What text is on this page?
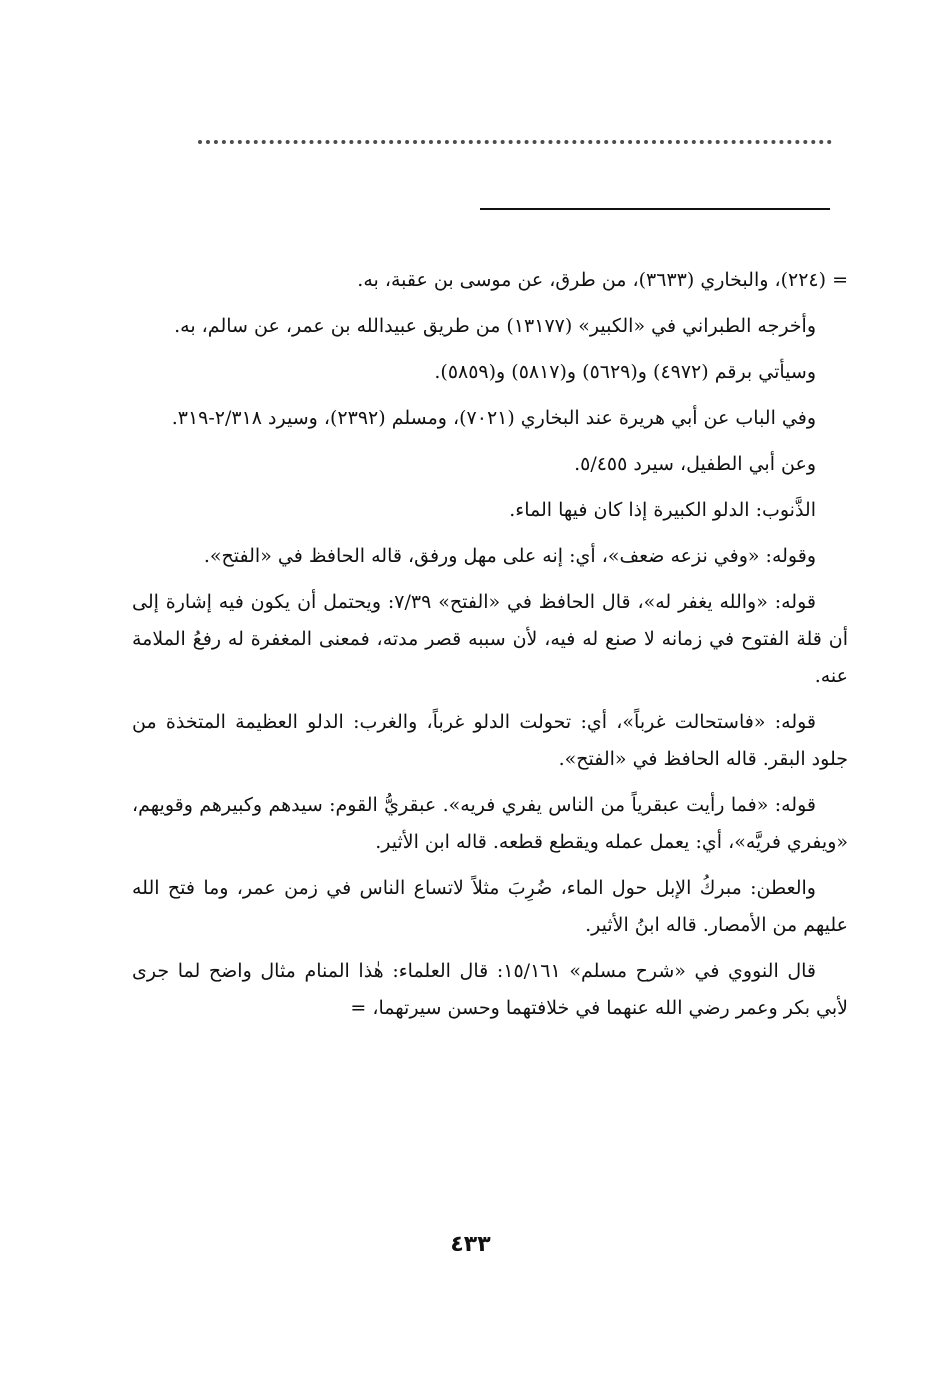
= (٢٢٤)، والبخاري (٣٦٣٣)، من طرق، عن موسى بن عقبة، به.

وأخرجه الطبراني في «الكبير» (١٣١٧٧) من طريق عبيدالله بن عمر، عن سالم، به.

وسيأتي برقم (٤٩٧٢) و(٥٦٢٩) و(٥٨١٧) و(٥٨٥٩).

وفي الباب عن أبي هريرة عند البخاري (٧٠٢١)، ومسلم (٢٣٩٢)، وسيرد ٢/٣١٨-٣١٩.

وعن أبي الطفيل، سيرد ٥/٤٥٥.

الذَّنوب: الدلو الكبيرة إذا كان فيها الماء.

وقوله: «وفي نزعه ضعف»، أي: إنه على مهل ورفق، قاله الحافظ في «الفتح».

قوله: «والله يغفر له»، قال الحافظ في «الفتح» ٧/٣٩: ويحتمل أن يكون فيه إشارة إلى أن قلة الفتوح في زمانه لا صنع له فيه، لأن سببه قصر مدته، فمعنى المغفرة له رفعُ الملامة عنه.

قوله: «فاستحالت غرباً»، أي: تحولت الدلو غرباً، والغرب: الدلو العظيمة المتخذة من جلود البقر. قاله الحافظ في «الفتح».

قوله: «فما رأيت عبقرياً من الناس يفري فريه». عبقريُّ القوم: سيدهم وكبيرهم وقويهم، «ويفري فريَّه»، أي: يعمل عمله ويقطع قطعه. قاله ابن الأثير.

والعطن: مبركُ الإبل حول الماء، ضُرِبَ مثلاً لاتساع الناس في زمن عمر، وما فتح الله عليهم من الأمصار. قاله ابنُ الأثير.

قال النووي في «شرح مسلم» ١٥/١٦١: قال العلماء: هٰذا المنام مثال واضح لما جرى لأبي بكر وعمر رضي الله عنهما في خلافتهما وحسن سيرتهما، =

٤٣٣
